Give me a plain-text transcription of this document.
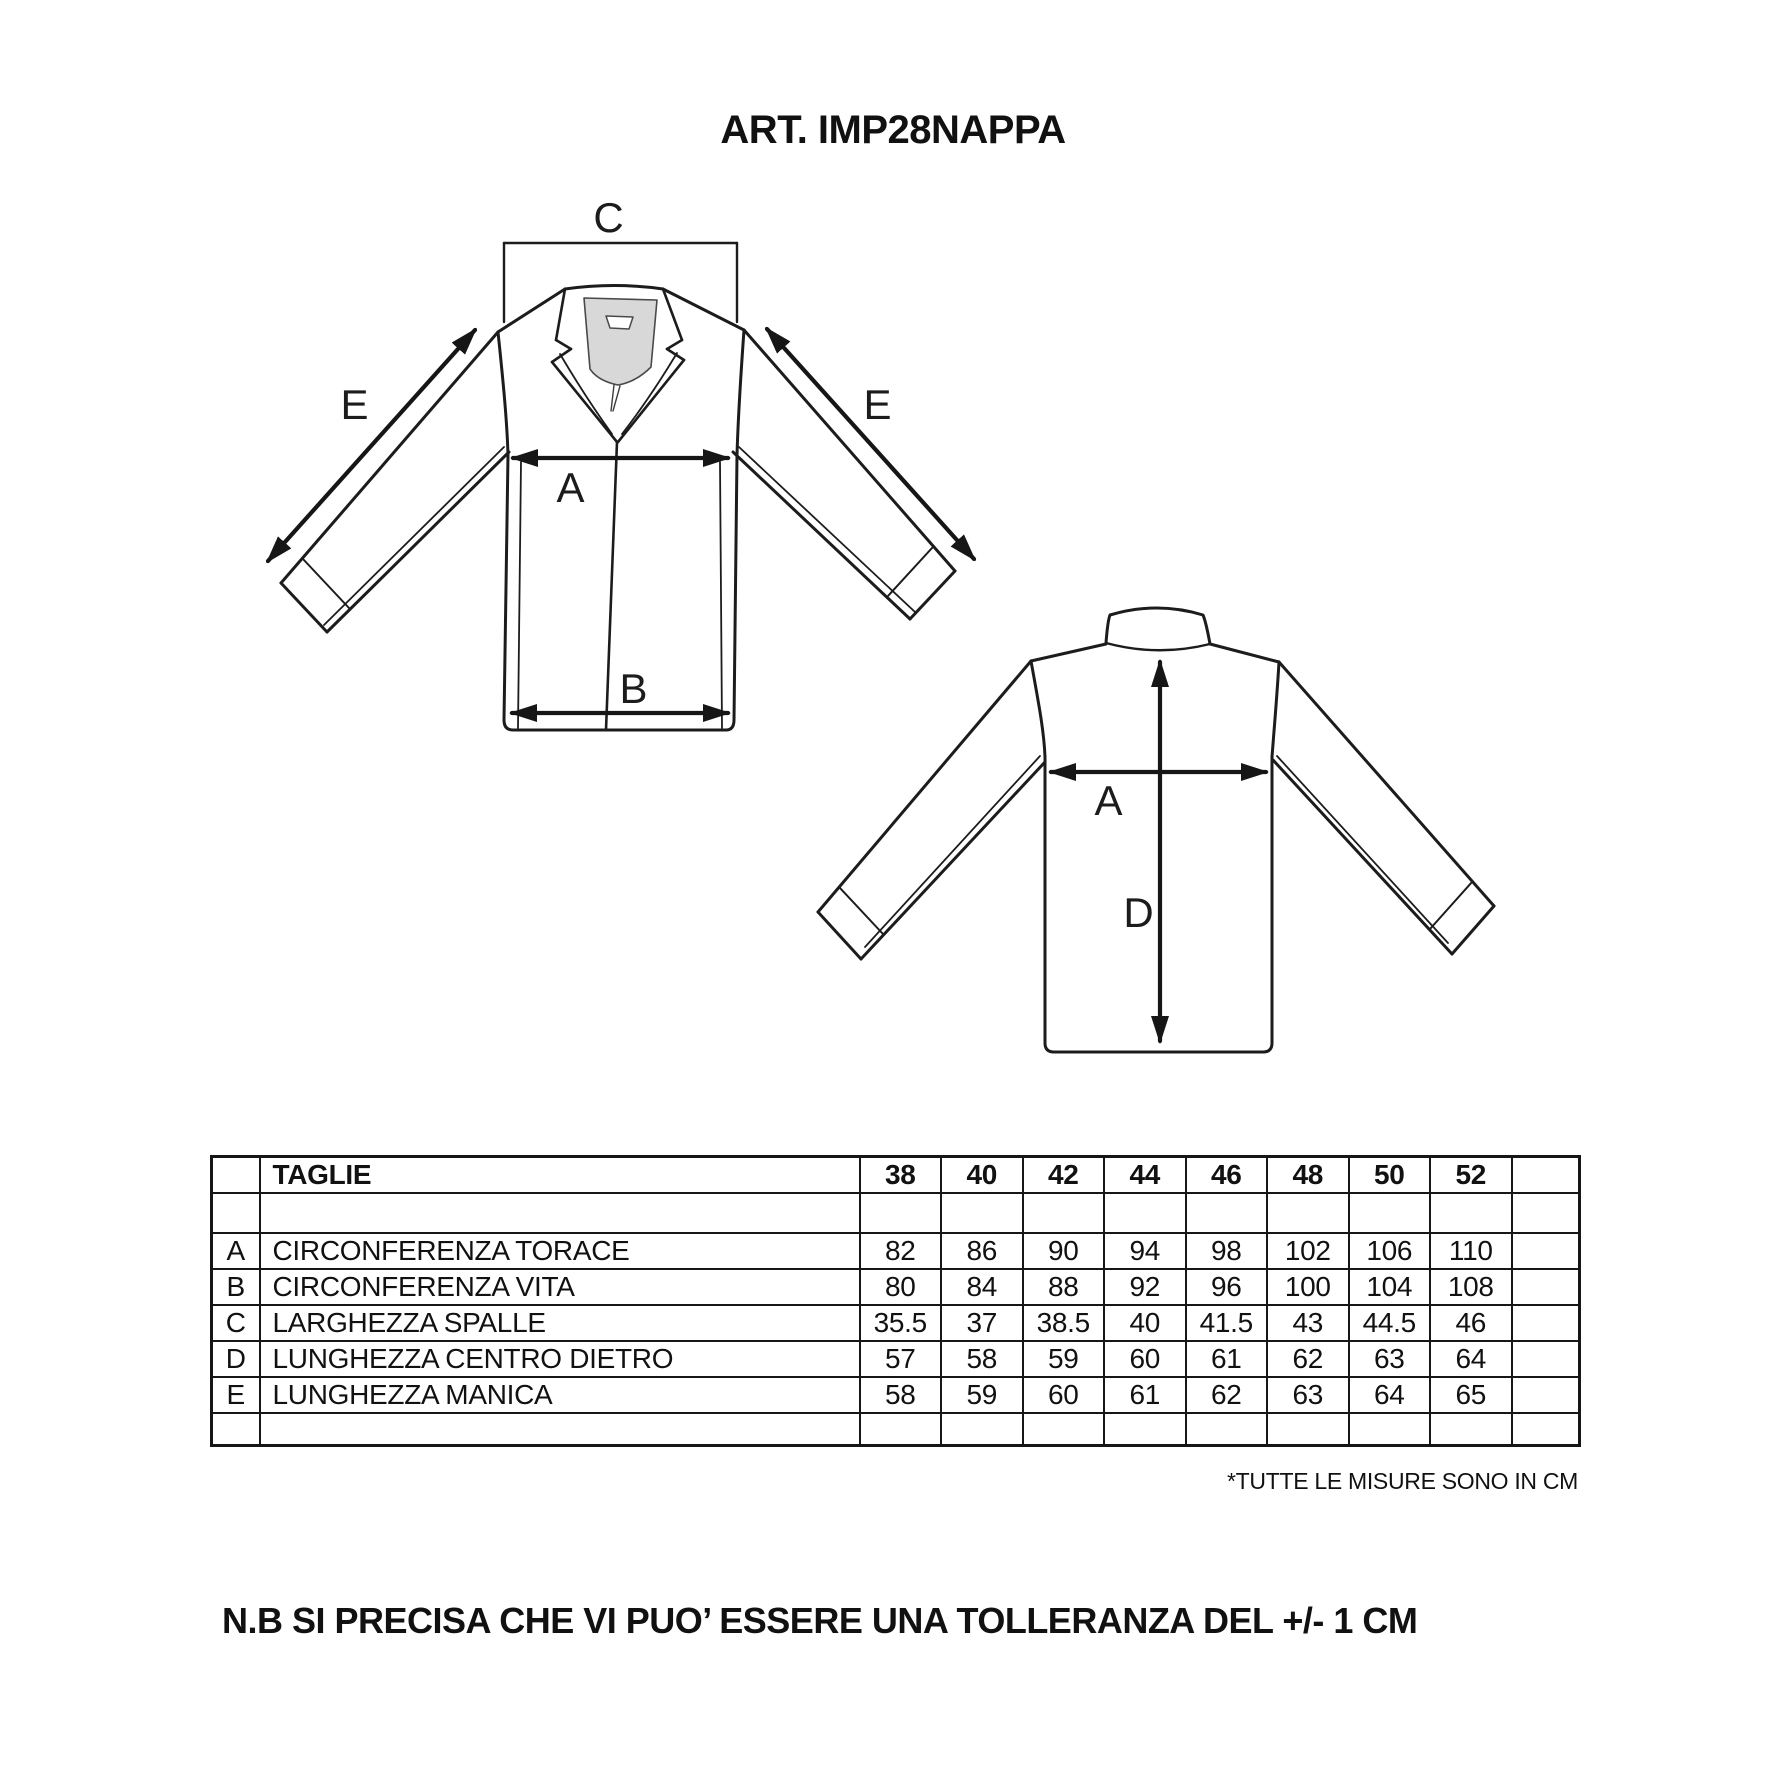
ART. IMP28NAPPA
C
E	E
A
B
A
D
	TAGLIE	38	40	42	44	46	48	50	52	

A	CIRCONFERENZA TORACE	82	86	90	94	98	102	106	110	
B	CIRCONFERENZA VITA	80	84	88	92	96	100	104	108	
C	LARGHEZZA SPALLE	35.5	37	38.5	40	41.5	43	44.5	46	
D	LUNGHEZZA CENTRO DIETRO	57	58	59	60	61	62	63	64	
E	LUNGHEZZA MANICA	58	59	60	61	62	63	64	65	

*TUTTE LE MISURE SONO IN CM
N.B SI PRECISA CHE VI PUO’ ESSERE UNA TOLLERANZA DEL +/- 1 CM
